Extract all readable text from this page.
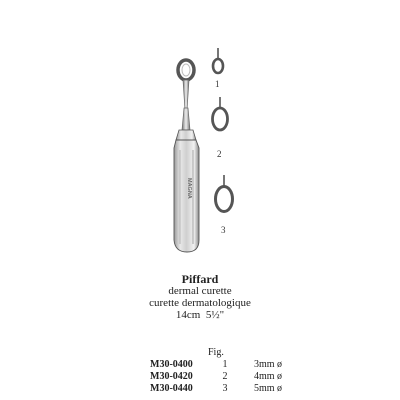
MAGNA
1
2
3
Piffard
dermal curette
curette dermatologique
14cm  5½"
Fig.
M30-0400	1	3mm ø
M30-0420	2	4mm ø
M30-0440	3	5mm ø
